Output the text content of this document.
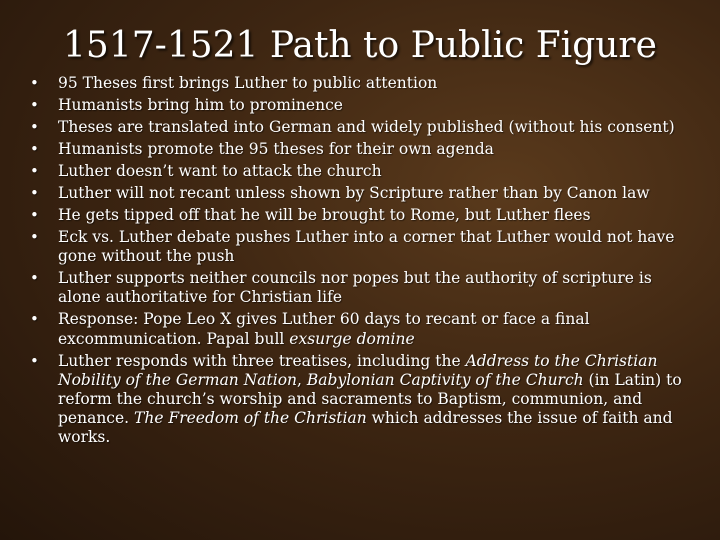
1517-1521 Path to Public Figure
• 95 Theses first brings Luther to public attention
• Humanists bring him to prominence
• Theses are translated into German and widely published (without his consent)
• Humanists promote the 95 theses for their own agenda
• Luther doesn’t want to attack the church
• Luther will not recant unless shown by Scripture rather than by Canon law
• He gets tipped off that he will be brought to Rome, but Luther flees
• Eck vs. Luther debate pushes Luther into a corner that Luther would not have gone without the push
• Luther supports neither councils nor popes but the authority of scripture is alone authoritative for Christian life
• Response: Pope Leo X gives Luther 60 days to recant or face a final excommunication. Papal bull exsurge domine
• Luther responds with three treatises, including the Address to the Christian Nobility of the German Nation, Babylonian Captivity of the Church (in Latin) to reform the church’s worship and sacraments to Baptism, communion, and penance. The Freedom of the Christian which addresses the issue of faith and works.
